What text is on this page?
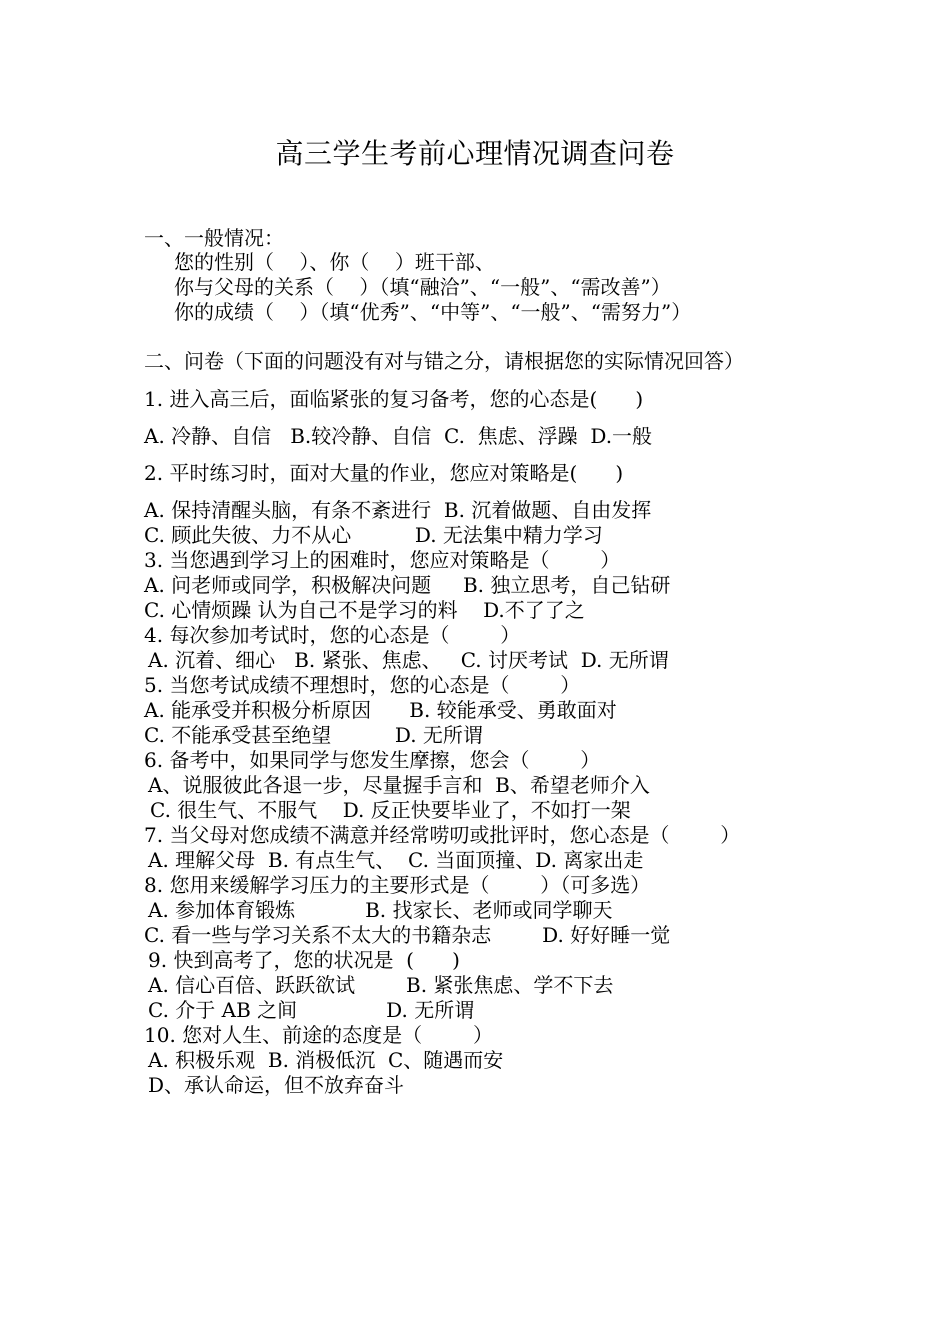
高三学生考前心理情况调查问卷
一、一般情况：
您的性别（    ）、你（    ）班干部、
你与父母的关系（    ）（填“融洽”、“一般”、“需改善”）
你的成绩（    ）（填“优秀”、“中等”、“一般”、“需努力”）
二、问卷（下面的问题没有对与错之分，请根据您的实际情况回答）
1. 进入高三后，面临紧张的复习备考，您的心态是(      )
A. 冷静、自信   B.较冷静、自信  C.  焦虑、浮躁  D.一般
2. 平时练习时，面对大量的作业，您应对策略是(      )
A. 保持清醒头脑，有条不紊进行  B. 沉着做题、自由发挥
C. 顾此失彼、力不从心          D. 无法集中精力学习
3. 当您遇到学习上的困难时，您应对策略是（        ）
A. 问老师或同学，积极解决问题     B. 独立思考，自己钻研
C. 心情烦躁 认为自己不是学习的料    D.不了了之
4. 每次参加考试时，您的心态是（        ）
A. 沉着、细心   B. 紧张、焦虑、   C. 讨厌考试  D. 无所谓
5. 当您考试成绩不理想时，您的心态是（        ）
A. 能承受并积极分析原因      B. 较能承受、勇敢面对
C. 不能承受甚至绝望          D. 无所谓
6. 备考中，如果同学与您发生摩擦，您会（        ）
A、说服彼此各退一步，尽量握手言和  B、希望老师介入
C. 很生气、不服气    D. 反正快要毕业了，不如打一架
7. 当父母对您成绩不满意并经常唠叨或批评时，您心态是（        ）
A. 理解父母  B. 有点生气、  C. 当面顶撞、D. 离家出走
8. 您用来缓解学习压力的主要形式是（        ）（可多选）
A. 参加体育锻炼           B. 找家长、老师或同学聊天
C. 看一些与学习关系不太大的书籍杂志        D. 好好睡一觉
9. 快到高考了，您的状况是  (      )
A. 信心百倍、跃跃欲试        B. 紧张焦虑、学不下去
C. 介于 AB 之间              D. 无所谓
10. 您对人生、前途的态度是（        ）
A. 积极乐观  B. 消极低沉  C、随遇而安
D、承认命运，但不放弃奋斗
